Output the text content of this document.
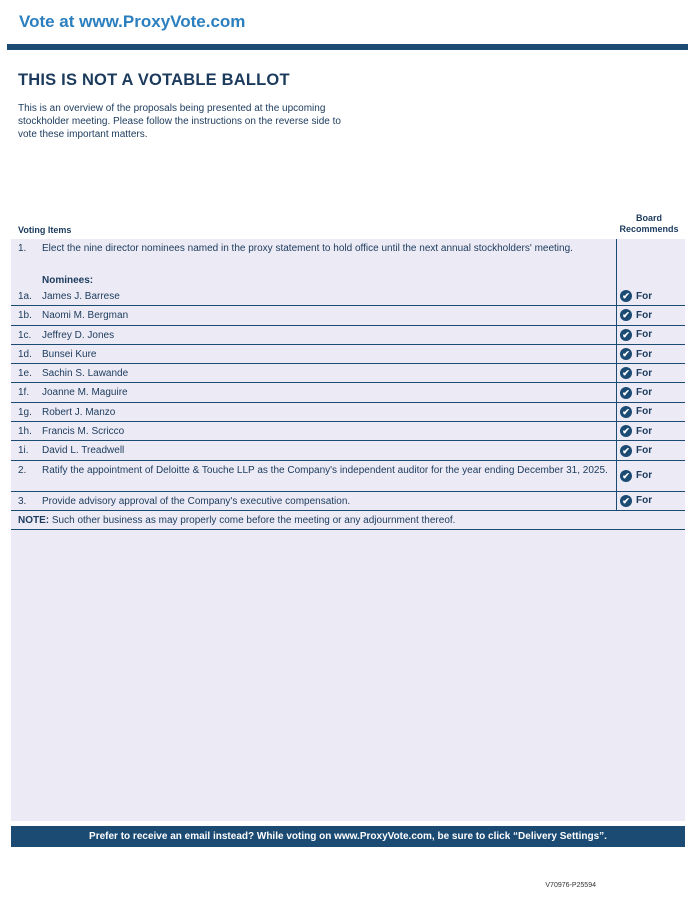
Vote at www.ProxyVote.com
THIS IS NOT A VOTABLE BALLOT
This is an overview of the proposals being presented at the upcoming stockholder meeting. Please follow the instructions on the reverse side to vote these important matters.
Voting Items
Board
Recommends
1. Elect the nine director nominees named in the proxy statement to hold office until the next annual stockholders' meeting.
Nominees:
1a. James J. Barrese	✔ For
1b. Naomi M. Bergman	✔ For
1c. Jeffrey D. Jones	✔ For
1d. Bunsei Kure	✔ For
1e. Sachin S. Lawande	✔ For
1f. Joanne M. Maguire	✔ For
1g. Robert J. Manzo	✔ For
1h. Francis M. Scricco	✔ For
1i. David L. Treadwell	✔ For
2. Ratify the appointment of Deloitte & Touche LLP as the Company's independent auditor for the year ending December 31, 2025. ✔ For
3. Provide advisory approval of the Company's executive compensation.	✔ For
NOTE: Such other business as may properly come before the meeting or any adjournment thereof.
Prefer to receive an email instead? While voting on www.ProxyVote.com, be sure to click “Delivery Settings”.
V70976-P25594
